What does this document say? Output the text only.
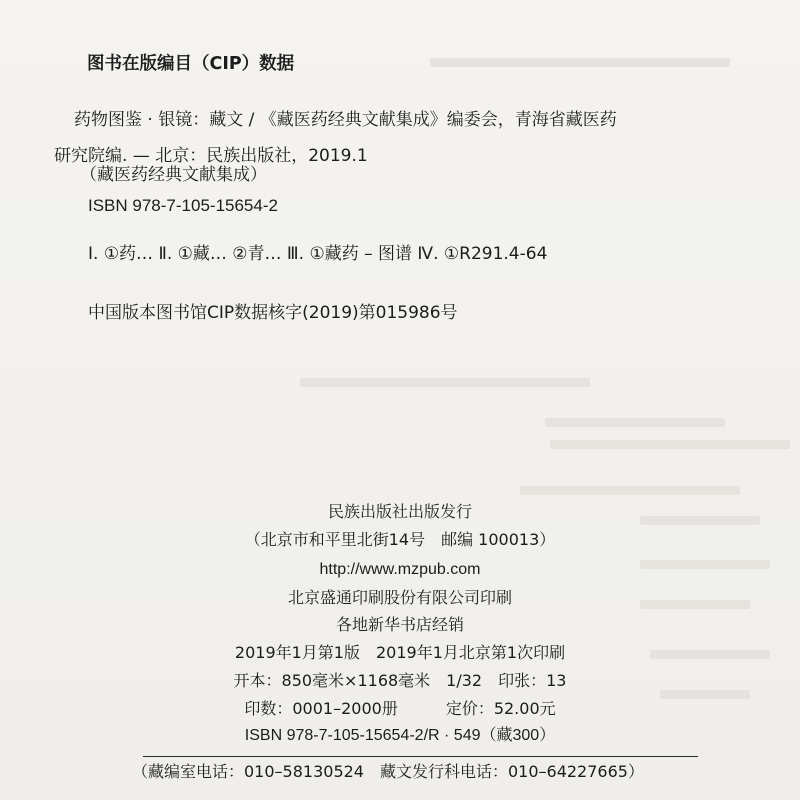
图书在版编目（CIP）数据
药物图鉴 · 银镜：藏文 / 《藏医药经典文献集成》编委会，青海省藏医药
研究院编. — 北京：民族出版社，2019.1
（藏医药经典文献集成）
ISBN 978-7-105-15654-2
Ⅰ. ①药… Ⅱ. ①藏… ②青… Ⅲ. ①藏药 – 图谱 Ⅳ. ①R291.4-64
中国版本图书馆CIP数据核字(2019)第015986号
民族出版社出版发行
（北京市和平里北街14号　邮编 100013）
http://www.mzpub.com
北京盛通印刷股份有限公司印刷
各地新华书店经销
2019年1月第1版　2019年1月北京第1次印刷
开本：850毫米×1168毫米　1/32　印张：13
印数：0001–2000册　　　定价：52.00元
ISBN 978-7-105-15654-2/R · 549（藏300）
（藏编室电话：010–58130524　藏文发行科电话：010–64227665）
